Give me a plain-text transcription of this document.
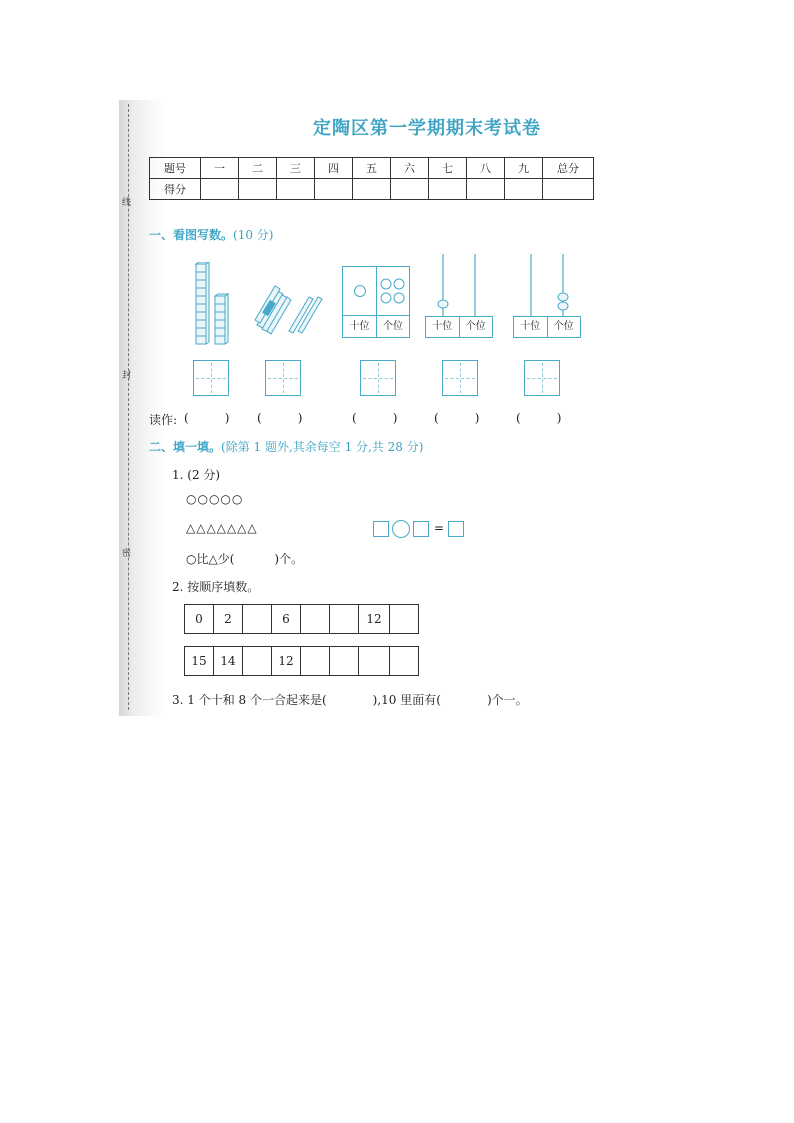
线
封
密
定陶区第一学期期末考试卷
题号	一	二	三	四	五	六	七	八	九	总分
得分										
一、看图写数。(10 分)
十位	个位	十位	个位	十位	个位
读作: (	)	(	)	(	)	(	)	(	)
二、填一填。(除第 1 题外,其余每空 1 分,共 28 分)
1. (2 分)
○○○○○
△△△△△△△	=
○比△少(	)个。
2. 按顺序填数。
0	2		6			12	
15	14		12				
3. 1 个十和 8 个一合起来是(	),10 里面有(	)个一。
